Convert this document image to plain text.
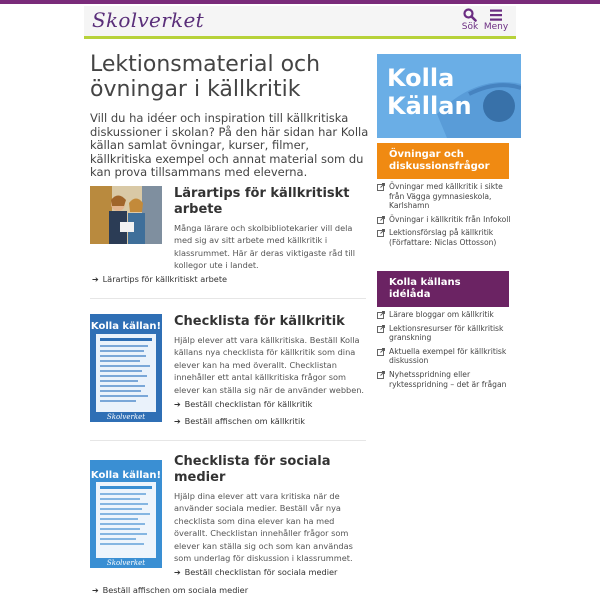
Skolverket	Sök Meny
Lektionsmaterial och övningar i källkritik
Vill du ha idéer och inspiration till källkritiska diskussioner i skolan? På den här sidan har Kolla källan samlat övningar, kurser, filmer, källkritiska exempel och annat material som du kan prova tillsammans med eleverna.
Lärartips för källkritiskt arbete
Många lärare och skolbibliotekarier vill dela med sig av sitt arbete med källkritik i klassrummet. Här är deras viktigaste råd till kollegor ute i landet.
➔ Lärartips för källkritiskt arbete
Kolla källan!
Skolverket
Checklista för källkritik
Hjälp elever att vara källkritiska. Beställ Kolla källans nya checklista för källkritik som dina elever kan ha med överallt. Checklistan innehåller ett antal källkritiska frågor som elever kan ställa sig när de använder webben.
➔ Beställ checklistan för källkritik
➔ Beställ affischen om källkritik
Kolla källan!
Skolverket
Checklista för sociala medier
Hjälp dina elever att vara kritiska när de använder sociala medier. Beställ vår nya checklista som dina elever kan ha med överallt. Checklistan innehåller frågor som elever kan ställa sig och som kan användas som underlag för diskussion i klassrummet.
➔ Beställ checklistan för sociala medier
➔ Beställ affischen om sociala medier
Kolla
Källan
Övningar och diskussionsfrågor
Övningar med källkritik i sikte från Vägga gymnasieskola, Karlshamn
Övningar i källkritik från Infokoll
Lektionsförslag på källkritik (Författare: Niclas Ottosson)
Kolla källans idélåda
Lärare bloggar om källkritik
Lektionsresurser för källkritisk granskning
Aktuella exempel för källkritisk diskussion
Nyhetsspridning eller ryktesspridning – det är frågan
